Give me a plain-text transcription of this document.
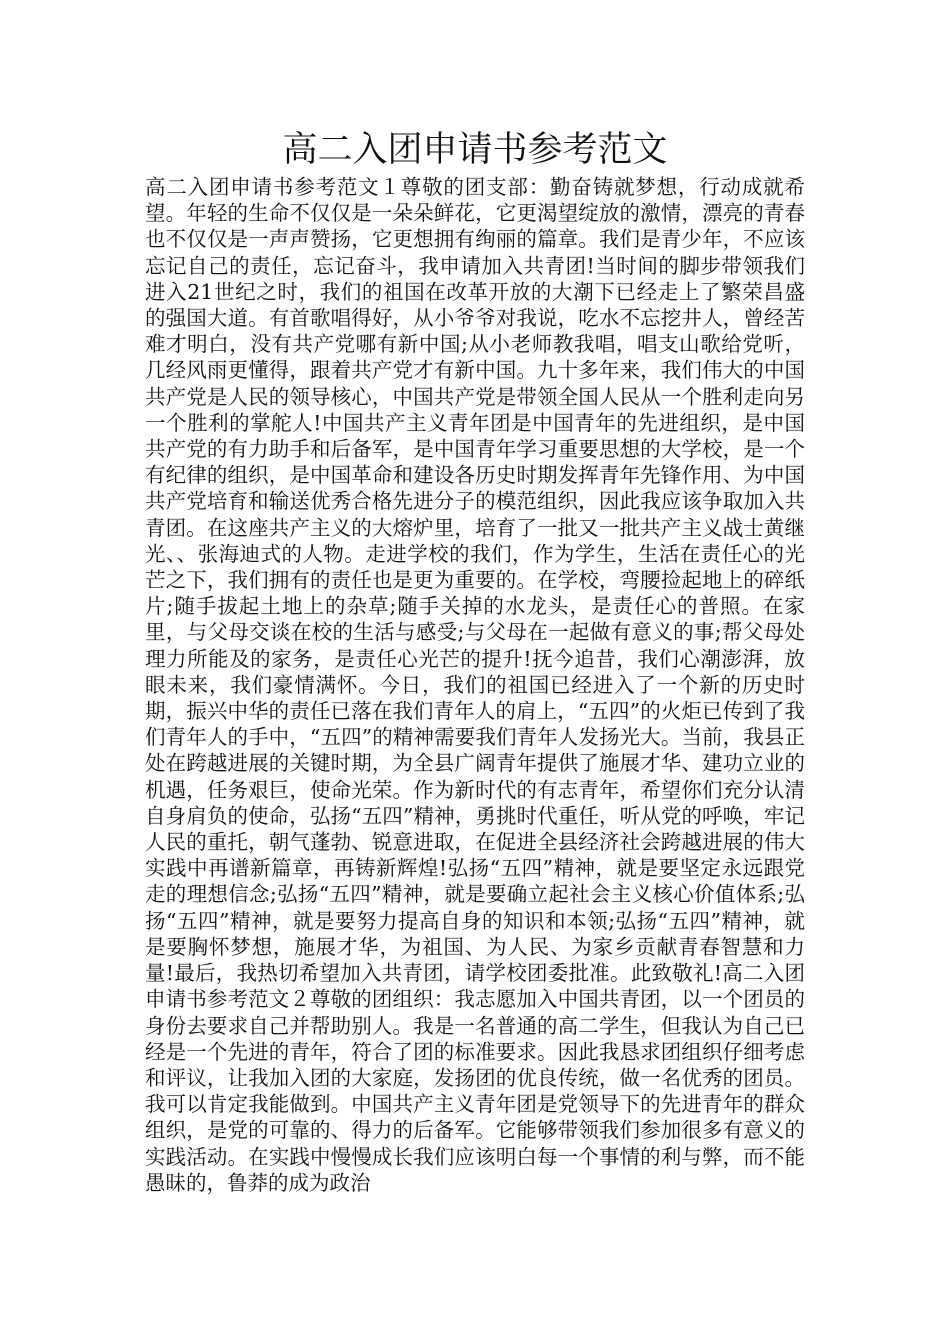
高二入团申请书参考范文

高二入团申请书参考范文１尊敬的团支部：勤奋铸就梦想，行动成就希望。年轻的生命不仅仅是一朵朵鲜花，它更渴望绽放的激情，漂亮的青春也不仅仅是一声声赞扬，它更想拥有绚丽的篇章。我们是青少年，不应该忘记自己的责任，忘记奋斗，我申请加入共青团!当时间的脚步带领我们进入21世纪之时，我们的祖国在改革开放的大潮下已经走上了繁荣昌盛的强国大道。有首歌唱得好，从小爷爷对我说，吃水不忘挖井人，曾经苦难才明白，没有共产党哪有新中国;从小老师教我唱，唱支山歌给党听，几经风雨更懂得，跟着共产党才有新中国。九十多年来，我们伟大的中国共产党是人民的领导核心，中国共产党是带领全国人民从一个胜利走向另一个胜利的掌舵人!中国共产主义青年团是中国青年的先进组织，是中国共产党的有力助手和后备军，是中国青年学习重要思想的大学校，是一个有纪律的组织，是中国革命和建设各历史时期发挥青年先锋作用、为中国共产党培育和输送优秀合格先进分子的模范组织，因此我应该争取加入共青团。在这座共产主义的大熔炉里，培育了一批又一批共产主义战士黄继光、、张海迪式的人物。走进学校的我们，作为学生，生活在责任心的光芒之下，我们拥有的责任也是更为重要的。在学校，弯腰捡起地上的碎纸片;随手拔起土地上的杂草;随手关掉的水龙头，是责任心的普照。在家里，与父母交谈在校的生活与感受;与父母在一起做有意义的事;帮父母处理力所能及的家务，是责任心光芒的提升!抚今追昔，我们心潮澎湃，放眼未来，我们豪情满怀。今日，我们的祖国已经进入了一个新的历史时期，振兴中华的责任已落在我们青年人的肩上，“五四”的火炬已传到了我们青年人的手中，“五四”的精神需要我们青年人发扬光大。当前，我县正处在跨越进展的关键时期，为全县广阔青年提供了施展才华、建功立业的机遇，任务艰巨，使命光荣。作为新时代的有志青年，希望你们充分认清自身肩负的使命，弘扬“五四”精神，勇挑时代重任，听从党的呼唤，牢记人民的重托，朝气蓬勃、锐意进取，在促进全县经济社会跨越进展的伟大实践中再谱新篇章，再铸新辉煌!弘扬“五四”精神，就是要坚定永远跟党走的理想信念;弘扬“五四”精神，就是要确立起社会主义核心价值体系;弘扬“五四”精神，就是要努力提高自身的知识和本领;弘扬“五四”精神，就是要胸怀梦想，施展才华，为祖国、为人民、为家乡贡献青春智慧和力量!最后，我热切希望加入共青团，请学校团委批准。此致敬礼!高二入团申请书参考范文２尊敬的团组织：我志愿加入中国共青团，以一个团员的身份去要求自己并帮助别人。我是一名普通的高二学生，但我认为自己已经是一个先进的青年，符合了团的标准要求。因此我恳求团组织仔细考虑和评议，让我加入团的大家庭，发扬团的优良传统，做一名优秀的团员。我可以肯定我能做到。中国共产主义青年团是党领导下的先进青年的群众组织，是党的可靠的、得力的后备军。它能够带领我们参加很多有意义的实践活动。在实践中慢慢成长我们应该明白每一个事情的利与弊，而不能愚昧的，鲁莽的成为政治
